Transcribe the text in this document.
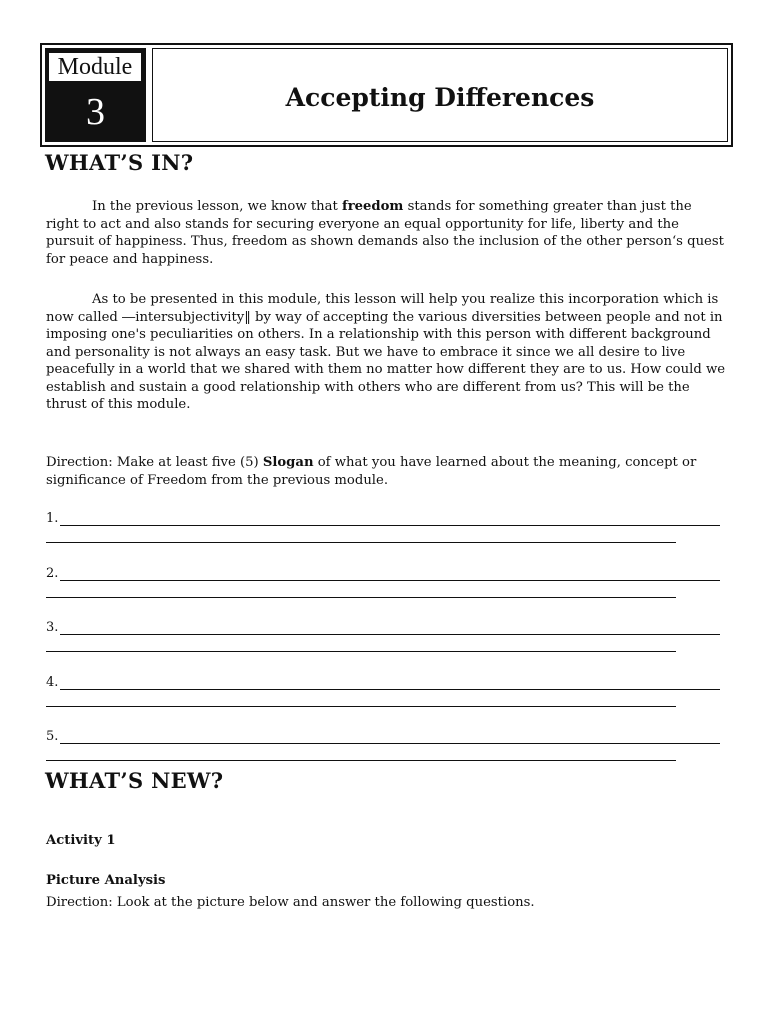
Module
3	Accepting Differences
WHAT’S IN?

In the previous lesson, we know that freedom stands for something greater than just the right to act and also stands for securing everyone an equal opportunity for life, liberty and the pursuit of happiness. Thus, freedom as shown demands also the inclusion of the other person‘s quest for peace and happiness.

As to be presented in this module, this lesson will help you realize this incorporation which is now called ―intersubjectivity‖ by way of accepting the various diversities between people and not in imposing one's peculiarities on others. In a relationship with this person with different background and personality is not always an easy task. But we have to embrace it since we all desire to live peacefully in a world that we shared with them no matter how different they are to us. How could we establish and sustain a good relationship with others who are different from us? This will be the thrust of this module.

Direction: Make at least five (5) Slogan of what you have learned about the meaning, concept or significance of Freedom from the previous module.

1.
2.
3.
4.
5.
WHAT’S NEW?
Activity 1
Picture Analysis

Direction: Look at the picture below and answer the following questions.
